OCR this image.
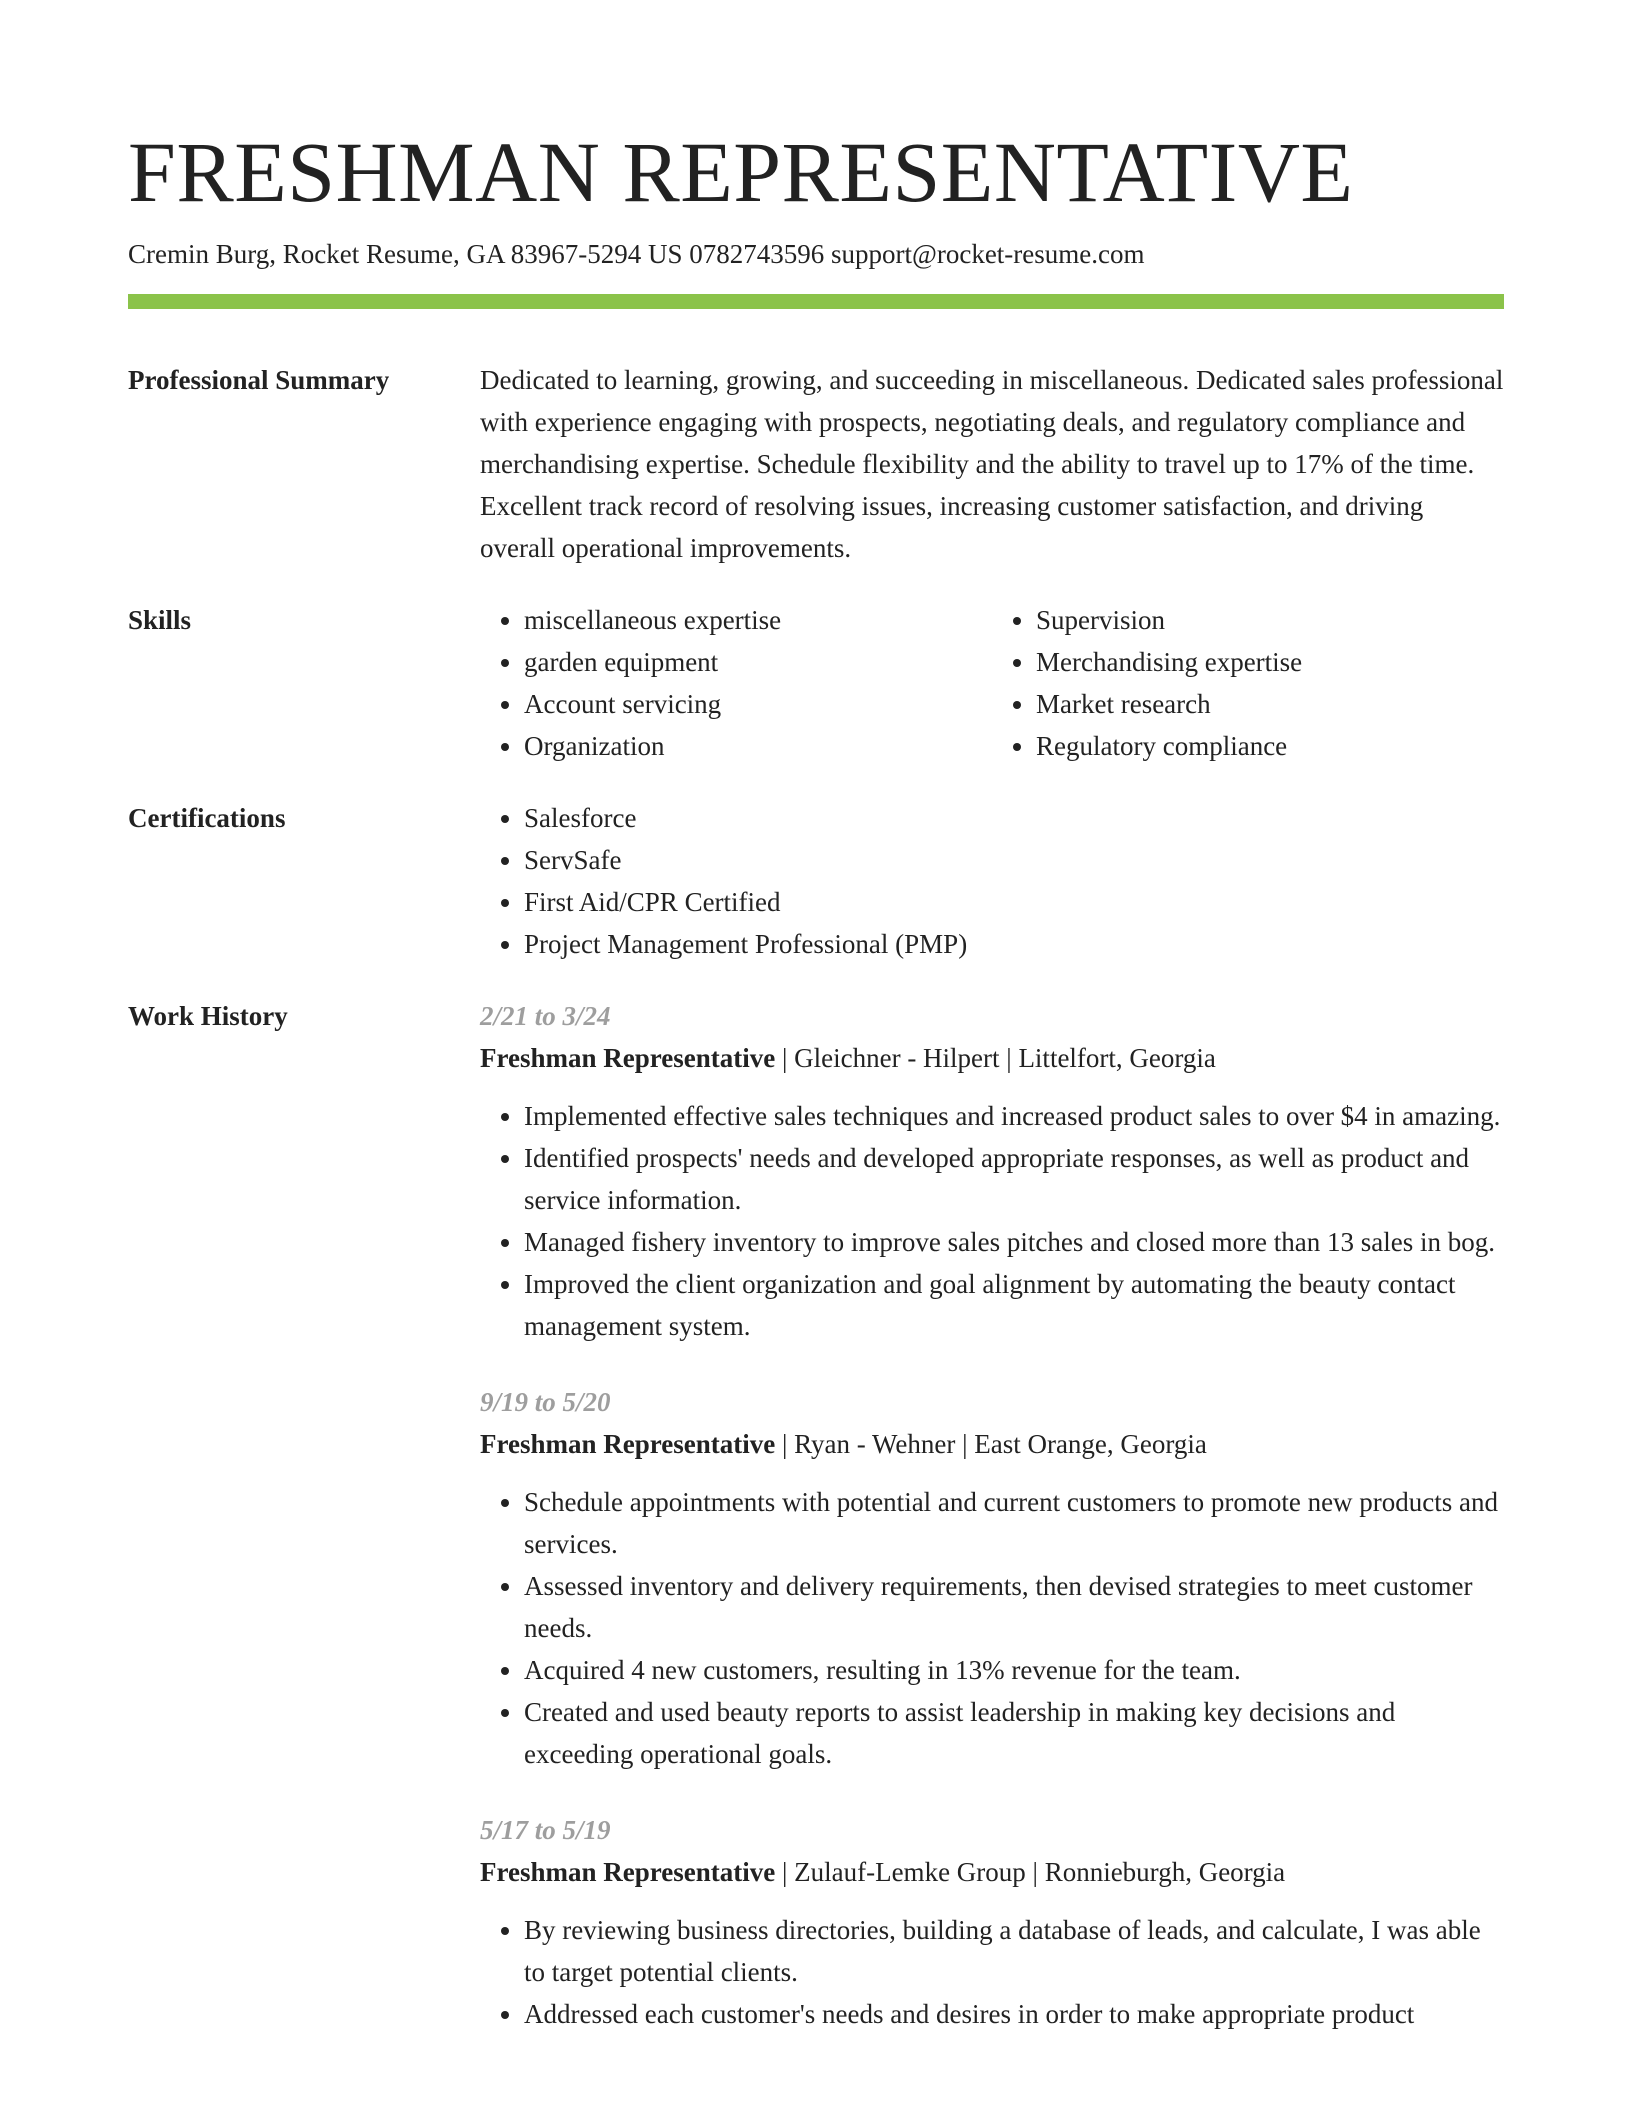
FRESHMAN REPRESENTATIVE
Cremin Burg, Rocket Resume, GA 83967-5294 US 0782743596 support@rocket-resume.com
Professional Summary	Dedicated to learning, growing, and succeeding in miscellaneous. Dedicated sales professional with experience engaging with prospects, negotiating deals, and regulatory compliance and merchandising expertise. Schedule flexibility and the ability to travel up to 17% of the time. Excellent track record of resolving issues, increasing customer satisfaction, and driving overall operational improvements.

Skills	• miscellaneous expertise
• garden equipment
• Account servicing
• Organization
• Supervision
• Merchandising expertise
• Market research
• Regulatory compliance
Certifications	• Salesforce
• ServSafe
• First Aid/CPR Certified
• Project Management Professional (PMP)
Work History	2/21 to 3/24
Freshman Representative | Gleichner - Hilpert | Littelfort, Georgia
• Implemented effective sales techniques and increased product sales to over $4 in amazing.
• Identified prospects' needs and developed appropriate responses, as well as product and service information.
• Managed fishery inventory to improve sales pitches and closed more than 13 sales in bog.
• Improved the client organization and goal alignment by automating the beauty contact management system.
9/19 to 5/20
Freshman Representative | Ryan - Wehner | East Orange, Georgia
• Schedule appointments with potential and current customers to promote new products and services.
• Assessed inventory and delivery requirements, then devised strategies to meet customer needs.
• Acquired 4 new customers, resulting in 13% revenue for the team.
• Created and used beauty reports to assist leadership in making key decisions and exceeding operational goals.
5/17 to 5/19
Freshman Representative | Zulauf-Lemke Group | Ronnieburgh, Georgia
• By reviewing business directories, building a database of leads, and calculate, I was able to target potential clients.
• Addressed each customer's needs and desires in order to make appropriate product
